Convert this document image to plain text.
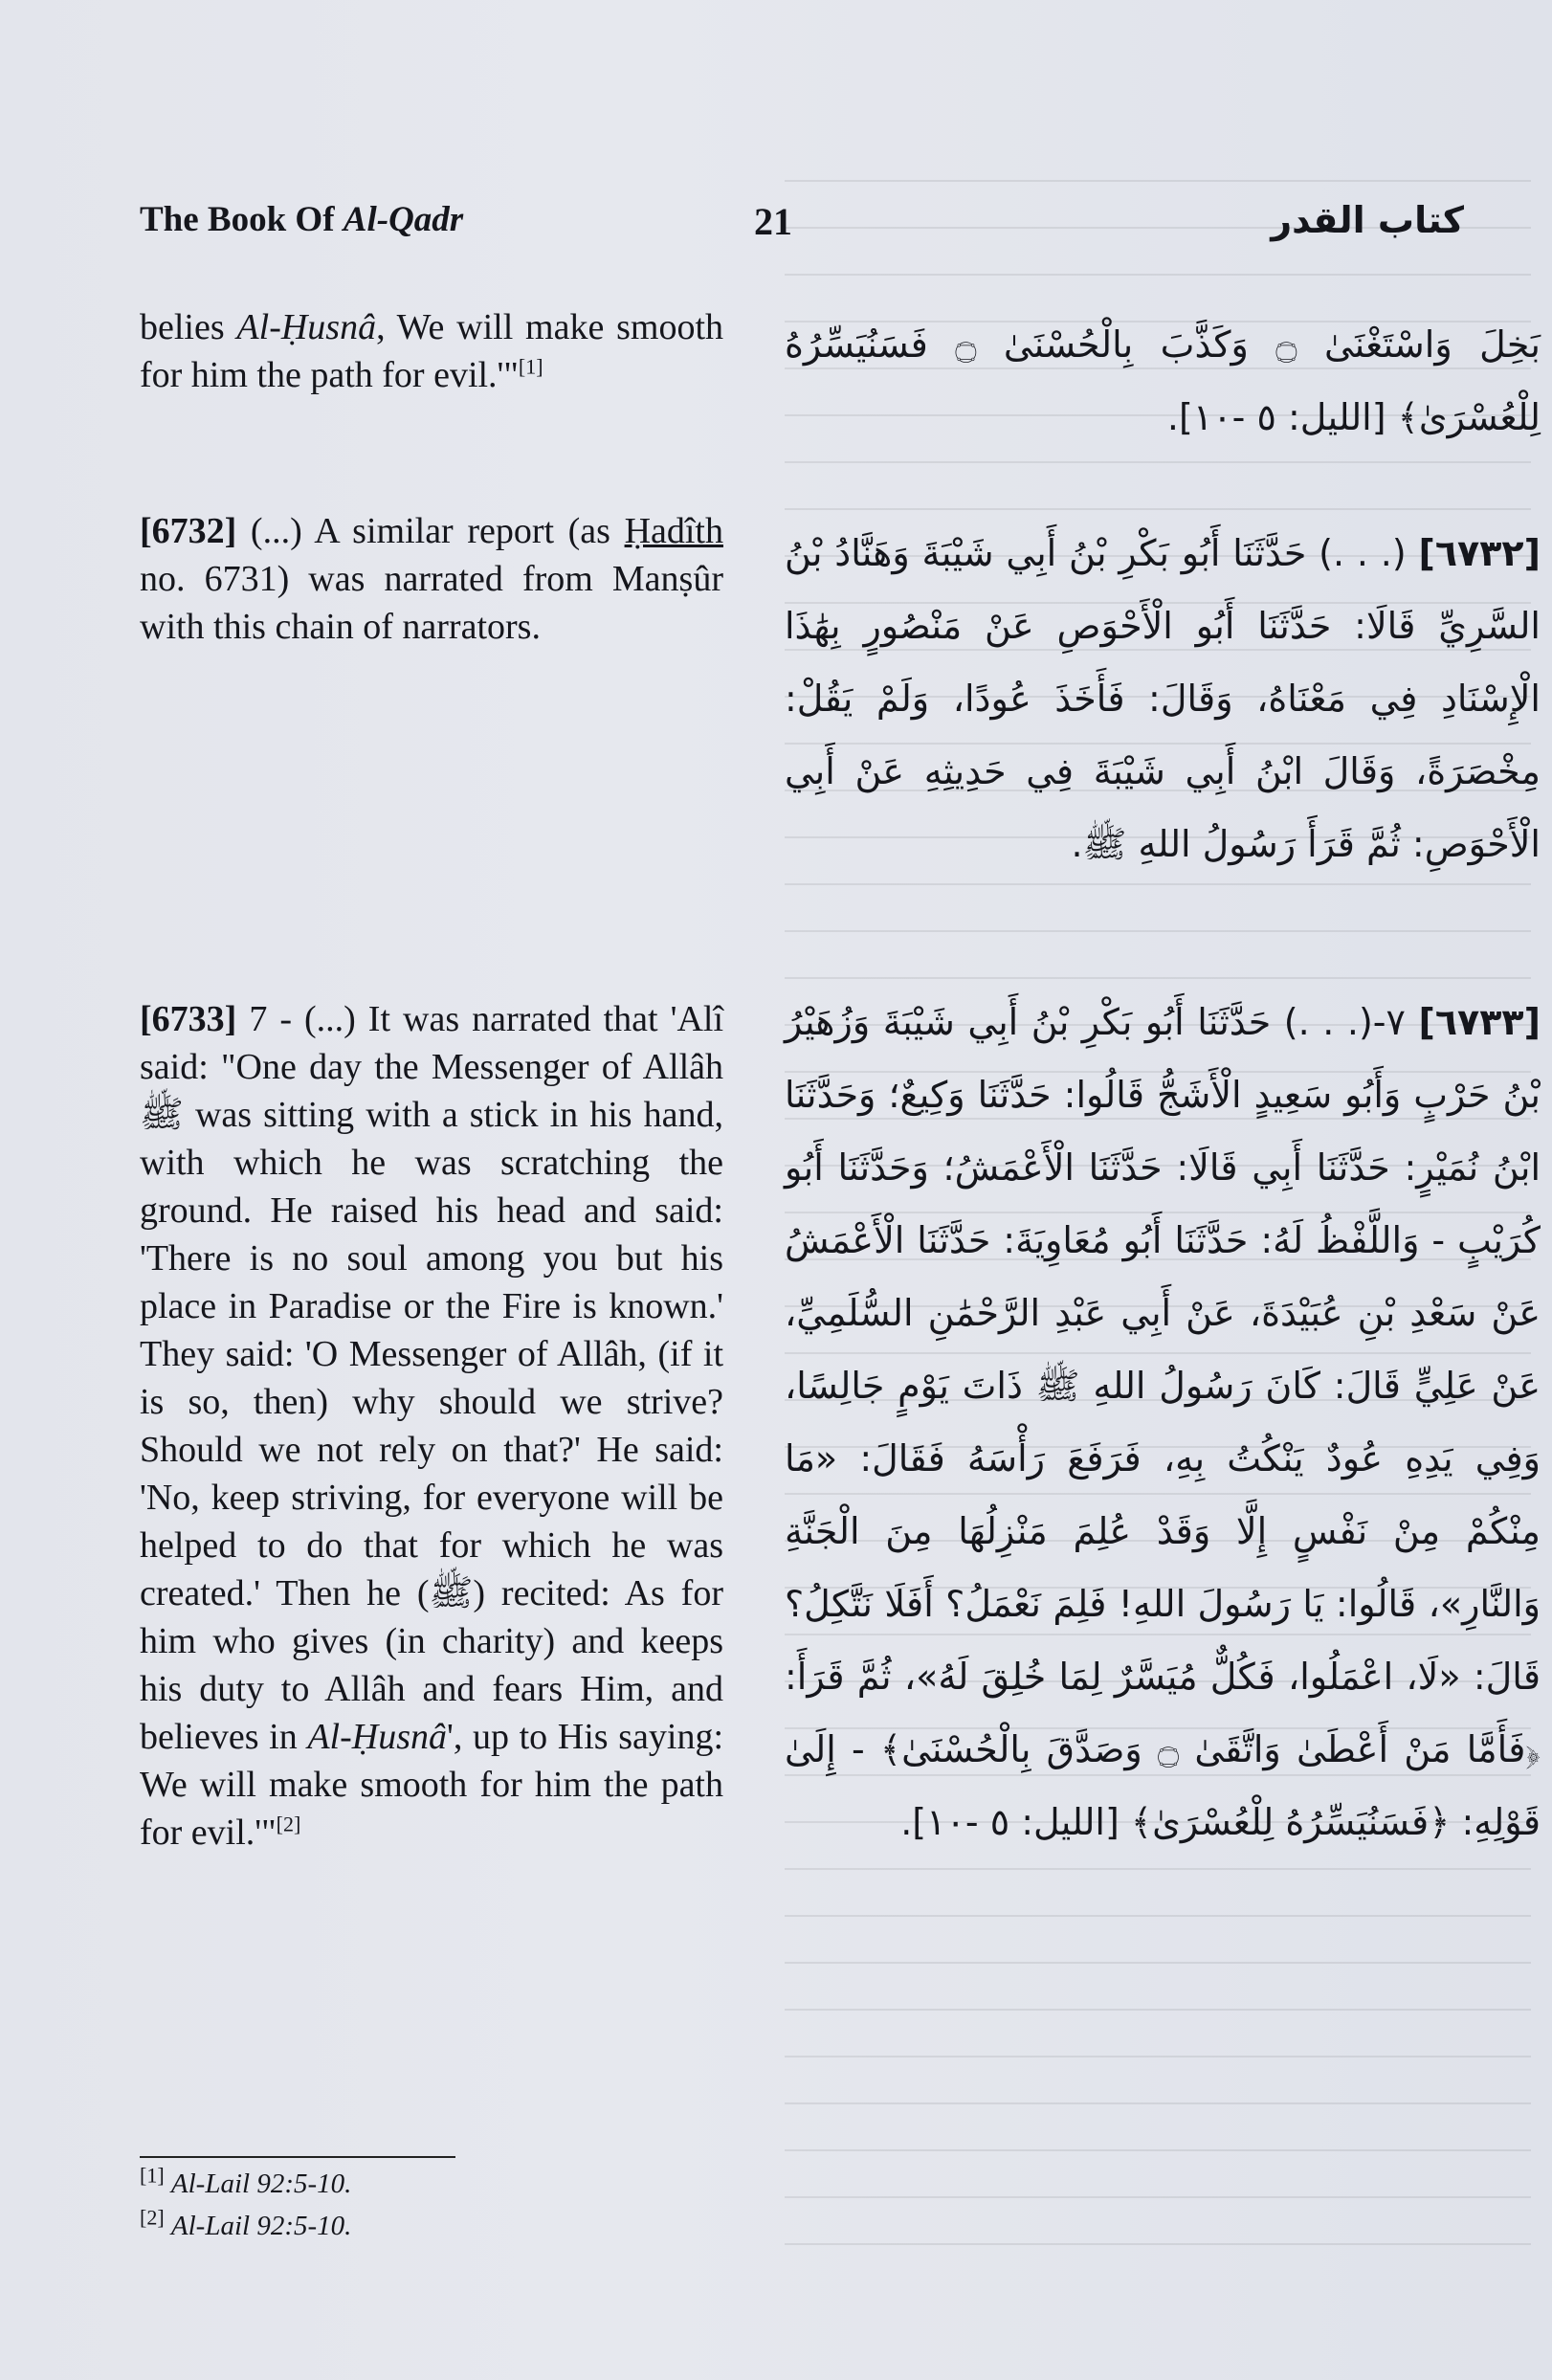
The Book Of Al-Qadr	21	كتاب القدر

belies Al-Ḥusnâ, We will make smooth for him the path for evil.'"[1]

[6732] (...) A similar report (as Ḥadîth no. 6731) was narrated from Manṣûr with this chain of narrators.

[6733] 7 - (...) It was narrated that 'Alî said: "One day the Messenger of Allâh ﷺ was sitting with a stick in his hand, with which he was scratching the ground. He raised his head and said: 'There is no soul among you but his place in Paradise or the Fire is known.' They said: 'O Messenger of Allâh, (if it is so, then) why should we strive? Should we not rely on that?' He said: 'No, keep striving, for everyone will be helped to do that for which he was created.' Then he (ﷺ) recited: As for him who gives (in charity) and keeps his duty to Allâh and fears Him, and believes in Al-Ḥusnâ', up to His saying: We will make smooth for him the path for evil.'"[2]

بَخِلَ وَاسْتَغْنَىٰ ۝ وَكَذَّبَ بِالْحُسْنَىٰ ۝ فَسَنُيَسِّرُهُ لِلْعُسْرَىٰ﴾ [الليل: ٥ -١٠].
[٦٧٣٢] (. . .) حَدَّثَنَا أَبُو بَكْرِ بْنُ أَبِي شَيْبَةَ وَهَنَّادُ بْنُ السَّرِيِّ قَالَا: حَدَّثَنَا أَبُو الْأَحْوَصِ عَنْ مَنْصُورٍ بِهَٰذَا الْإِسْنَادِ فِي مَعْنَاهُ، وَقَالَ: فَأَخَذَ عُودًا، وَلَمْ يَقُلْ: مِخْصَرَةً، وَقَالَ ابْنُ أَبِي شَيْبَةَ فِي حَدِيثِهِ عَنْ أَبِي الْأَحْوَصِ: ثُمَّ قَرَأَ رَسُولُ اللهِ ﷺ.
[٦٧٣٣] ٧-(. . .) حَدَّثَنَا أَبُو بَكْرِ بْنُ أَبِي شَيْبَةَ وَزُهَيْرُ بْنُ حَرْبٍ وَأَبُو سَعِيدٍ الْأَشَجُّ قَالُوا: حَدَّثَنَا وَكِيعٌ؛ وَحَدَّثَنَا ابْنُ نُمَيْرٍ: حَدَّثَنَا أَبِي قَالَا: حَدَّثَنَا الْأَعْمَشُ؛ وَحَدَّثَنَا أَبُو كُرَيْبٍ - وَاللَّفْظُ لَهُ: حَدَّثَنَا أَبُو مُعَاوِيَةَ: حَدَّثَنَا الْأَعْمَشُ عَنْ سَعْدِ بْنِ عُبَيْدَةَ، عَنْ أَبِي عَبْدِ الرَّحْمَٰنِ السُّلَمِيِّ، عَنْ عَلِيٍّ قَالَ: كَانَ رَسُولُ اللهِ ﷺ ذَاتَ يَوْمٍ جَالِسًا، وَفِي يَدِهِ عُودٌ يَنْكُتُ بِهِ، فَرَفَعَ رَأْسَهُ فَقَالَ: «مَا مِنْكُمْ مِنْ نَفْسٍ إِلَّا وَقَدْ عُلِمَ مَنْزِلُهَا مِنَ الْجَنَّةِ وَالنَّارِ»، قَالُوا: يَا رَسُولَ اللهِ! فَلِمَ نَعْمَلُ؟ أَفَلَا نَتَّكِلُ؟ قَالَ: «لَا، اعْمَلُوا، فَكُلٌّ مُيَسَّرٌ لِمَا خُلِقَ لَهُ»، ثُمَّ قَرَأَ: ﴿فَأَمَّا مَنْ أَعْطَىٰ وَاتَّقَىٰ ۝ وَصَدَّقَ بِالْحُسْنَىٰ﴾ - إِلَىٰ قَوْلِهِ: ﴿فَسَنُيَسِّرُهُ لِلْعُسْرَىٰ﴾ [الليل: ٥ -١٠].
[1] Al-Lail 92:5-10.
[2] Al-Lail 92:5-10.
